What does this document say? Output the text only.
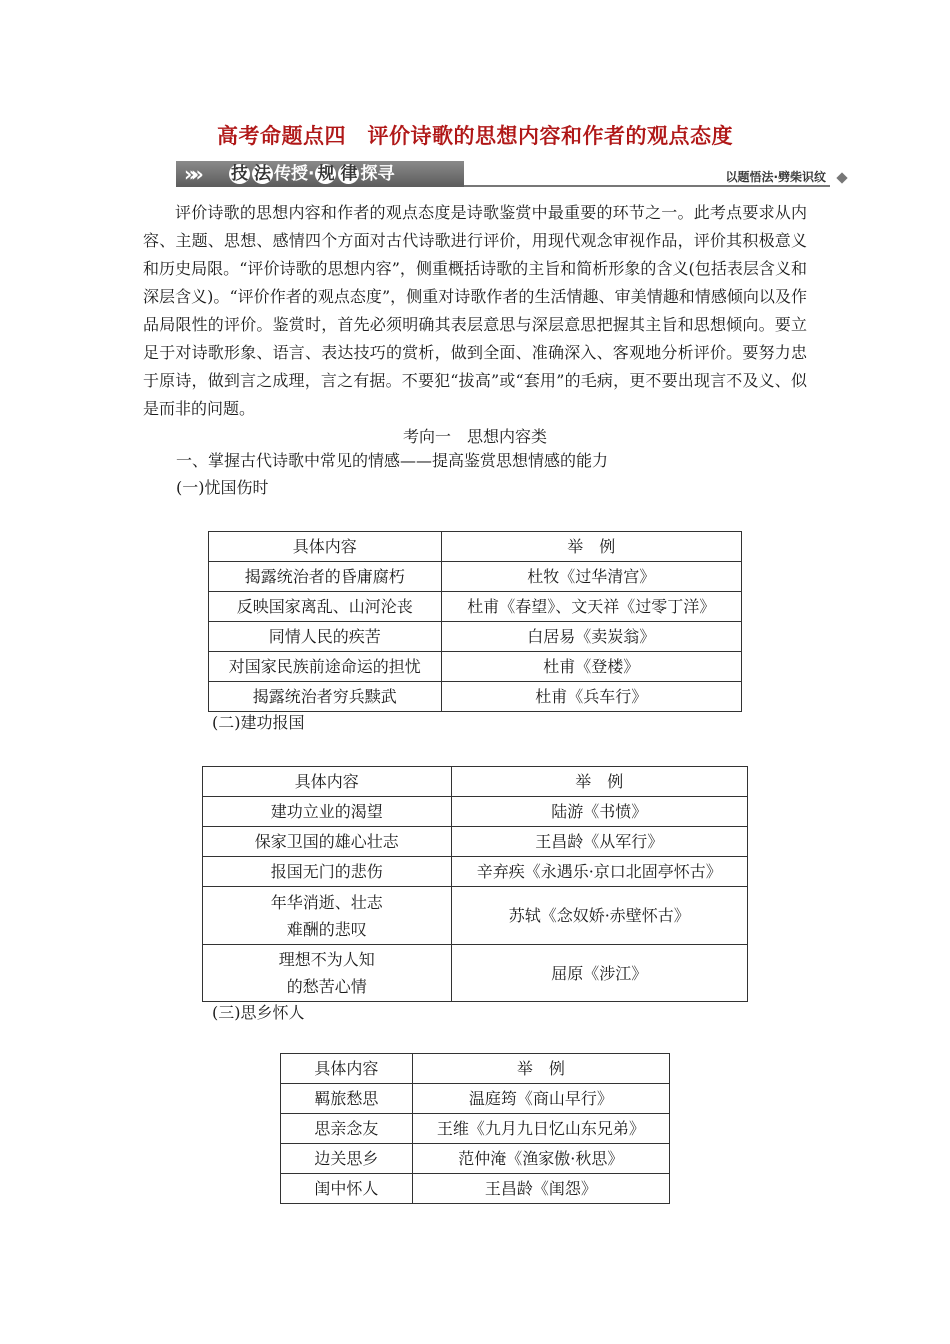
高考命题点四　评价诗歌的思想内容和作者的观点态度
»» 技 法 传授· 规 律 探寻	以题悟法·劈柴识纹
评价诗歌的思想内容和作者的观点态度是诗歌鉴赏中最重要的环节之一。此考点要求从内容、主题、思想、感情四个方面对古代诗歌进行评价，用现代观念审视作品，评价其积极意义和历史局限。“评价诗歌的思想内容”，侧重概括诗歌的主旨和简析形象的含义(包括表层含义和深层含义)。“评价作者的观点态度”，侧重对诗歌作者的生活情趣、审美情趣和情感倾向以及作品局限性的评价。鉴赏时，首先必须明确其表层意思与深层意思把握其主旨和思想倾向。要立足于对诗歌形象、语言、表达技巧的赏析，做到全面、准确深入、客观地分析评价。要努力忠于原诗，做到言之成理，言之有据。不要犯“拔高”或“套用”的毛病，更不要出现言不及义、似是而非的问题。
考向一　思想内容类
一、掌握古代诗歌中常见的情感——提高鉴赏思想情感的能力
(一)忧国伤时
具体内容	举　例
揭露统治者的昏庸腐朽	杜牧《过华清宫》
反映国家离乱、山河沦丧	杜甫《春望》、文天祥《过零丁洋》
同情人民的疾苦	白居易《卖炭翁》
对国家民族前途命运的担忧	杜甫《登楼》
揭露统治者穷兵黩武	杜甫《兵车行》
(二)建功报国
具体内容	举　例
建功立业的渴望	陆游《书愤》
保家卫国的雄心壮志	王昌龄《从军行》
报国无门的悲伤	辛弃疾《永遇乐·京口北固亭怀古》
年华消逝、壮志
难酬的悲叹	苏轼《念奴娇·赤壁怀古》
理想不为人知
的愁苦心情	屈原《涉江》
(三)思乡怀人
具体内容	举　例
羁旅愁思	温庭筠《商山早行》
思亲念友	王维《九月九日忆山东兄弟》
边关思乡	范仲淹《渔家傲·秋思》
闺中怀人	王昌龄《闺怨》
